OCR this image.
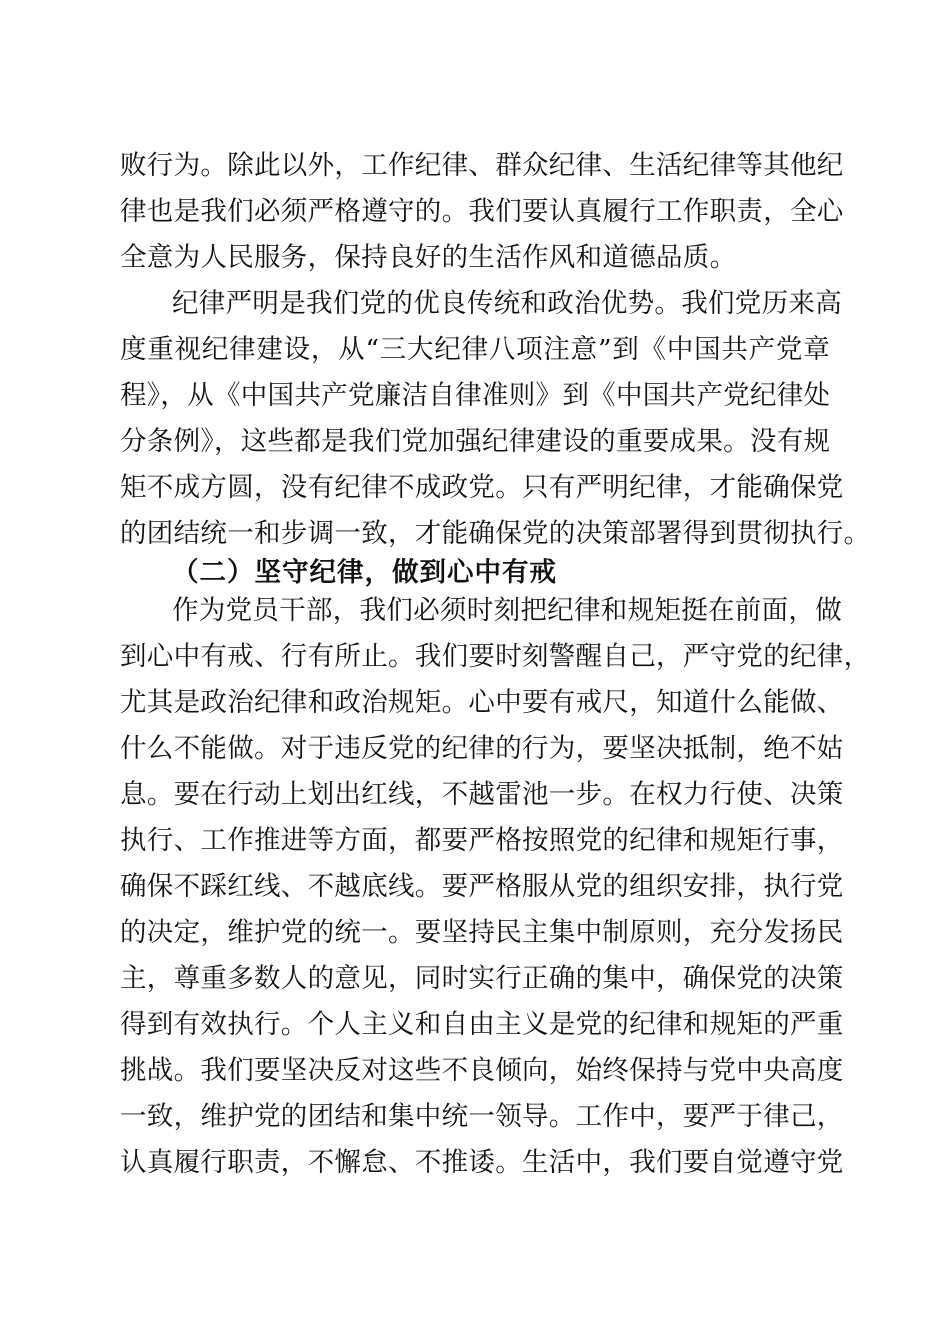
败行为。除此以外，工作纪律、群众纪律、生活纪律等其他纪
律也是我们必须严格遵守的。我们要认真履行工作职责，全心
全意为人民服务，保持良好的生活作风和道德品质。
纪律严明是我们党的优良传统和政治优势。我们党历来高
度重视纪律建设，从“三大纪律八项注意”到《中国共产党章
程》，从《中国共产党廉洁自律准则》到《中国共产党纪律处
分条例》，这些都是我们党加强纪律建设的重要成果。没有规
矩不成方圆，没有纪律不成政党。只有严明纪律，才能确保党
的团结统一和步调一致，才能确保党的决策部署得到贯彻执行。
（二）坚守纪律，做到心中有戒
作为党员干部，我们必须时刻把纪律和规矩挺在前面，做
到心中有戒、行有所止。我们要时刻警醒自己，严守党的纪律，
尤其是政治纪律和政治规矩。心中要有戒尺，知道什么能做、
什么不能做。对于违反党的纪律的行为，要坚决抵制，绝不姑
息。要在行动上划出红线，不越雷池一步。在权力行使、决策
执行、工作推进等方面，都要严格按照党的纪律和规矩行事，
确保不踩红线、不越底线。要严格服从党的组织安排，执行党
的决定，维护党的统一。要坚持民主集中制原则，充分发扬民
主，尊重多数人的意见，同时实行正确的集中，确保党的决策
得到有效执行。个人主义和自由主义是党的纪律和规矩的严重
挑战。我们要坚决反对这些不良倾向，始终保持与党中央高度
一致，维护党的团结和集中统一领导。工作中，要严于律己，
认真履行职责，不懈怠、不推诿。生活中，我们要自觉遵守党
